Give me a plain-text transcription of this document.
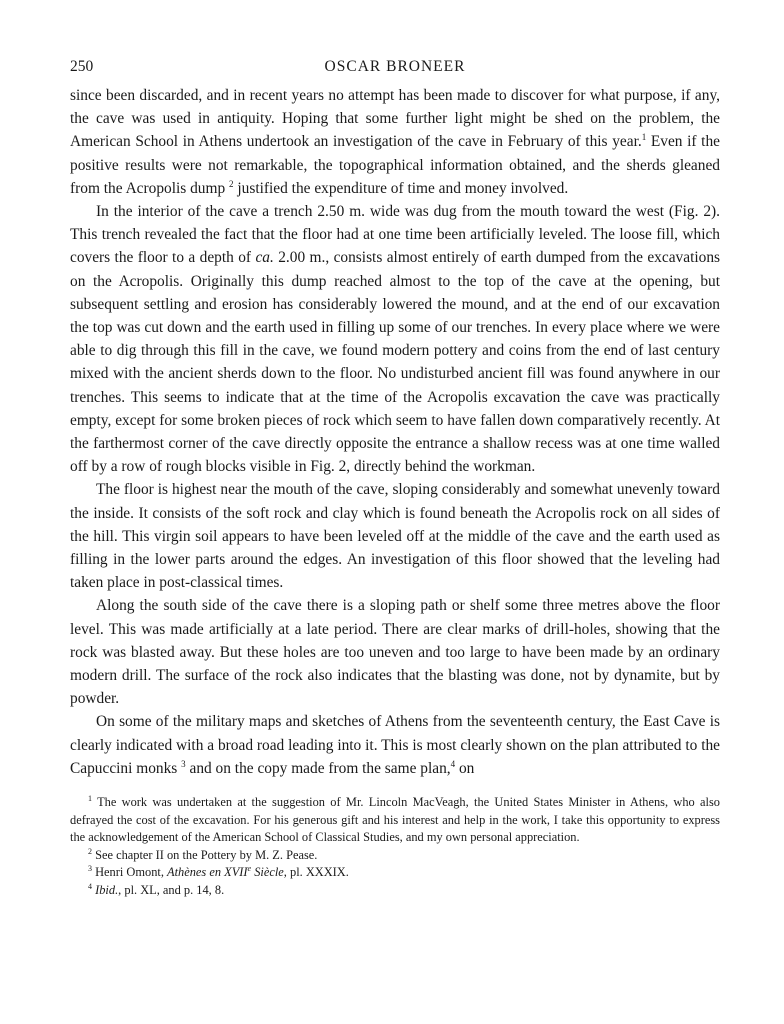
250	OSCAR BRONEER

since been discarded, and in recent years no attempt has been made to discover for what purpose, if any, the cave was used in antiquity. Hoping that some further light might be shed on the problem, the American School in Athens undertook an investigation of the cave in February of this year.$^1$ Even if the positive results were not remarkable, the topographical information obtained, and the sherds gleaned from the Acropolis dump $^2$ justified the expenditure of time and money involved.

In the interior of the cave a trench 2.50 m. wide was dug from the mouth toward the west (Fig. 2). This trench revealed the fact that the floor had at one time been artificially leveled. The loose fill, which covers the floor to a depth of ca. 2.00 m., consists almost entirely of earth dumped from the excavations on the Acropolis. Originally this dump reached almost to the top of the cave at the opening, but subsequent settling and erosion has considerably lowered the mound, and at the end of our excavation the top was cut down and the earth used in filling up some of our trenches. In every place where we were able to dig through this fill in the cave, we found modern pottery and coins from the end of last century mixed with the ancient sherds down to the floor. No undisturbed ancient fill was found anywhere in our trenches. This seems to indicate that at the time of the Acropolis excavation the cave was practically empty, except for some broken pieces of rock which seem to have fallen down comparatively recently. At the farthermost corner of the cave directly opposite the entrance a shallow recess was at one time walled off by a row of rough blocks visible in Fig. 2, directly behind the workman.

The floor is highest near the mouth of the cave, sloping considerably and somewhat unevenly toward the inside. It consists of the soft rock and clay which is found beneath the Acropolis rock on all sides of the hill. This virgin soil appears to have been leveled off at the middle of the cave and the earth used as filling in the lower parts around the edges. An investigation of this floor showed that the leveling had taken place in post-classical times.

Along the south side of the cave there is a sloping path or shelf some three metres above the floor level. This was made artificially at a late period. There are clear marks of drill-holes, showing that the rock was blasted away. But these holes are too uneven and too large to have been made by an ordinary modern drill. The surface of the rock also indicates that the blasting was done, not by dynamite, but by powder.

On some of the military maps and sketches of Athens from the seventeenth century, the East Cave is clearly indicated with a broad road leading into it. This is most clearly shown on the plan attributed to the Capuccini monks $^3$ and on the copy made from the same plan,$^4$ on

$^1$ The work was undertaken at the suggestion of Mr. Lincoln MacVeagh, the United States Minister in Athens, who also defrayed the cost of the excavation. For his generous gift and his interest and help in the work, I take this opportunity to express the acknowledgement of the American School of Classical Studies, and my own personal appreciation.

$^2$ See chapter II on the Pottery by M. Z. Pease.

$^3$ Henri Omont, Athènes en XVIIe Siècle, pl. XXXIX.

$^4$ Ibid., pl. XL, and p. 14, 8.
